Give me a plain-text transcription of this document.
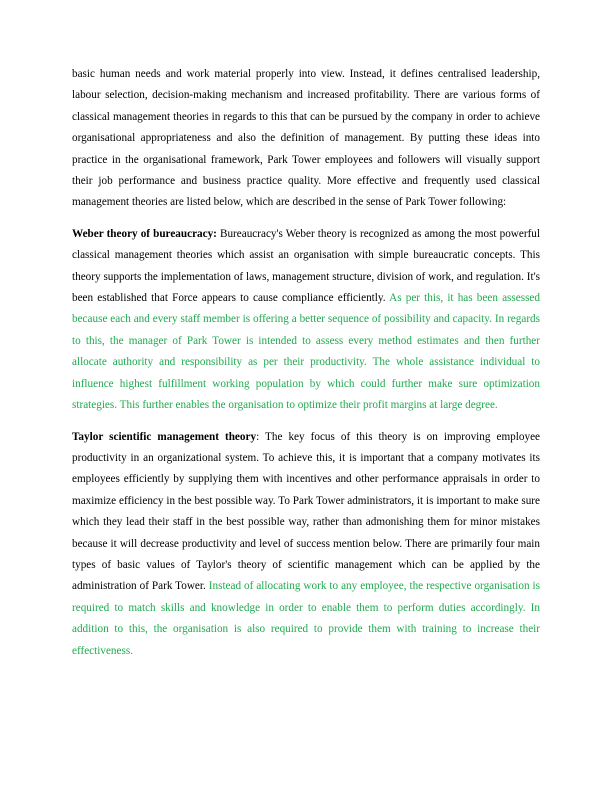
basic human needs and work material properly into view. Instead, it defines centralised leadership, labour selection, decision-making mechanism and increased profitability. There are various forms of classical management theories in regards to this that can be pursued by the company in order to achieve organisational appropriateness and also the definition of management. By putting these ideas into practice in the organisational framework, Park Tower employees and followers will visually support their job performance and business practice quality. More effective and frequently used classical management theories are listed below, which are described in the sense of Park Tower following:

Weber theory of bureaucracy: Bureaucracy's Weber theory is recognized as among the most powerful classical management theories which assist an organisation with simple bureaucratic concepts. This theory supports the implementation of laws, management structure, division of work, and regulation. It's been established that Force appears to cause compliance efficiently. As per this, it has been assessed because each and every staff member is offering a better sequence of possibility and capacity. In regards to this, the manager of Park Tower is intended to assess every method estimates and then further allocate authority and responsibility as per their productivity. The whole assistance individual to influence highest fulfillment working population by which could further make sure optimization strategies. This further enables the organisation to optimize their profit margins at large degree.

Taylor scientific management theory: The key focus of this theory is on improving employee productivity in an organizational system. To achieve this, it is important that a company motivates its employees efficiently by supplying them with incentives and other performance appraisals in order to maximize efficiency in the best possible way. To Park Tower administrators, it is important to make sure which they lead their staff in the best possible way, rather than admonishing them for minor mistakes because it will decrease productivity and level of success mention below. There are primarily four main types of basic values of Taylor's theory of scientific management which can be applied by the administration of Park Tower. Instead of allocating work to any employee, the respective organisation is required to match skills and knowledge in order to enable them to perform duties accordingly. In addition to this, the organisation is also required to provide them with training to increase their effectiveness.
